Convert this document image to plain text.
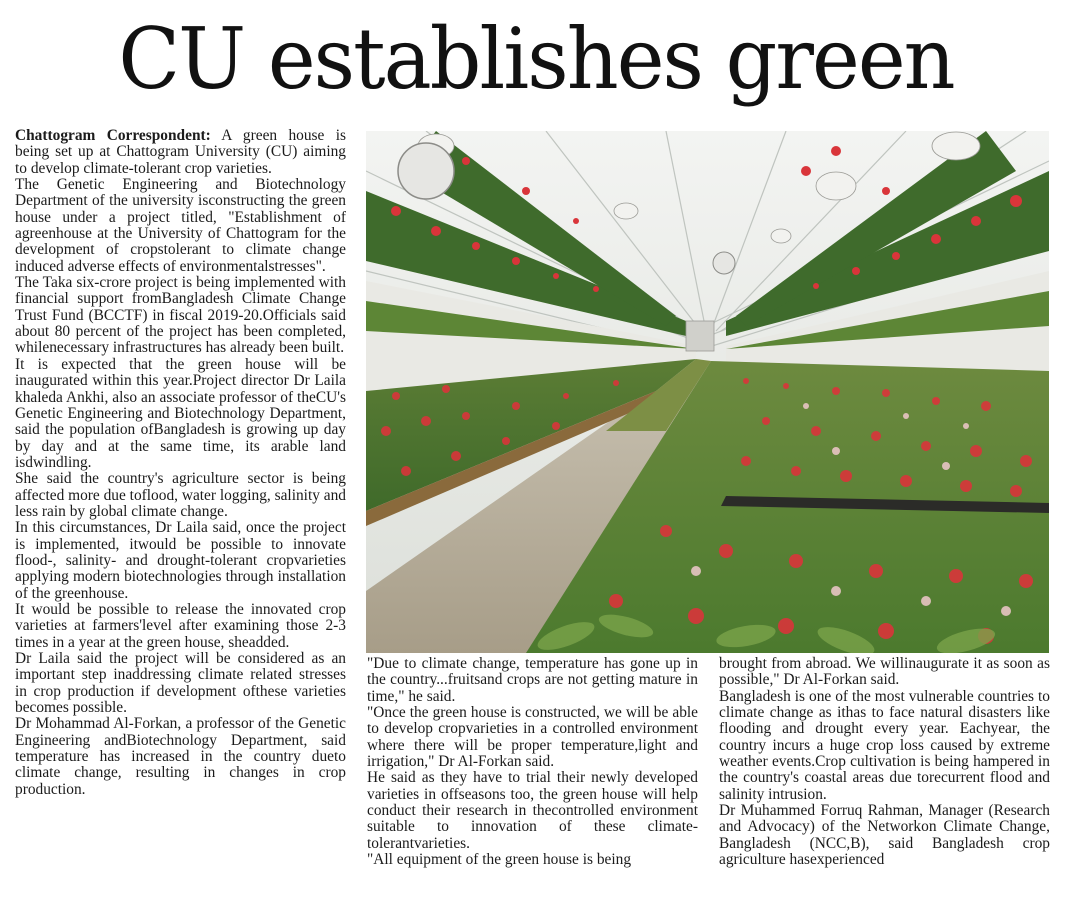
CU establishes green

Chattogram Correspondent: A green house is being set up at Chattogram University (CU) aiming to develop climate-tolerant crop varieties.

The Genetic Engineering and Biotechnology Department of the university isconstructing the green house under a project titled, "Establishment of agreenhouse at the University of Chattogram for the development of cropstolerant to climate change induced adverse effects of environmentalstresses".

The Taka six-crore project is being implemented with financial support fromBangladesh Climate Change Trust Fund (BCCTF) in fiscal 2019-20.Officials said about 80 percent of the project has been completed, whilenecessary infrastructures has already been built.

It is expected that the green house will be inaugurated within this year.Project director Dr Laila khaleda Ankhi, also an associate professor of theCU's Genetic Engineering and Biotechnology Department, said the population ofBangladesh is growing up day by day and at the same time, its arable land isdwindling.

She said the country's agriculture sector is being affected more due toflood, water logging, salinity and less rain by global climate change.

In this circumstances, Dr Laila said, once the project is implemented, itwould be possible to innovate flood-, salinity- and drought-tolerant cropvarieties applying modern biotechnologies through installation of the greenhouse.

It would be possible to release the innovated crop varieties at farmers'level after examining those 2-3 times in a year at the green house, sheadded.

Dr Laila said the project will be considered as an important step inaddressing climate related stresses in crop production if development ofthese varieties becomes possible.

Dr Mohammad Al-Forkan, a professor of the Genetic Engineering andBiotechnology Department, said temperature has increased in the country dueto climate change, resulting in changes in crop production.

"Due to climate change, temperature has gone up in the country...fruitsand crops are not getting mature in time," he said.

"Once the green house is constructed, we will be able to develop cropvarieties in a controlled environment where there will be proper temperature,light and irrigation," Dr Al-Forkan said.

He said as they have to trial their newly developed varieties in offseasons too, the green house will help conduct their research in thecontrolled environment suitable to innovation of these climate-tolerantvarieties.

"All equipment of the green house is being

brought from abroad. We willinaugurate it as soon as possible," Dr Al-Forkan said.

Bangladesh is one of the most vulnerable countries to climate change as ithas to face natural disasters like flooding and drought every year. Eachyear, the country incurs a huge crop loss caused by extreme weather events.Crop cultivation is being hampered in the country's coastal areas due torecurrent flood and salinity intrusion.

Dr Muhammed Forruq Rahman, Manager (Research and Advocacy) of the Networkon Climate Change, Bangladesh (NCC,B), said Bangladesh crop agriculture hasexperienced
